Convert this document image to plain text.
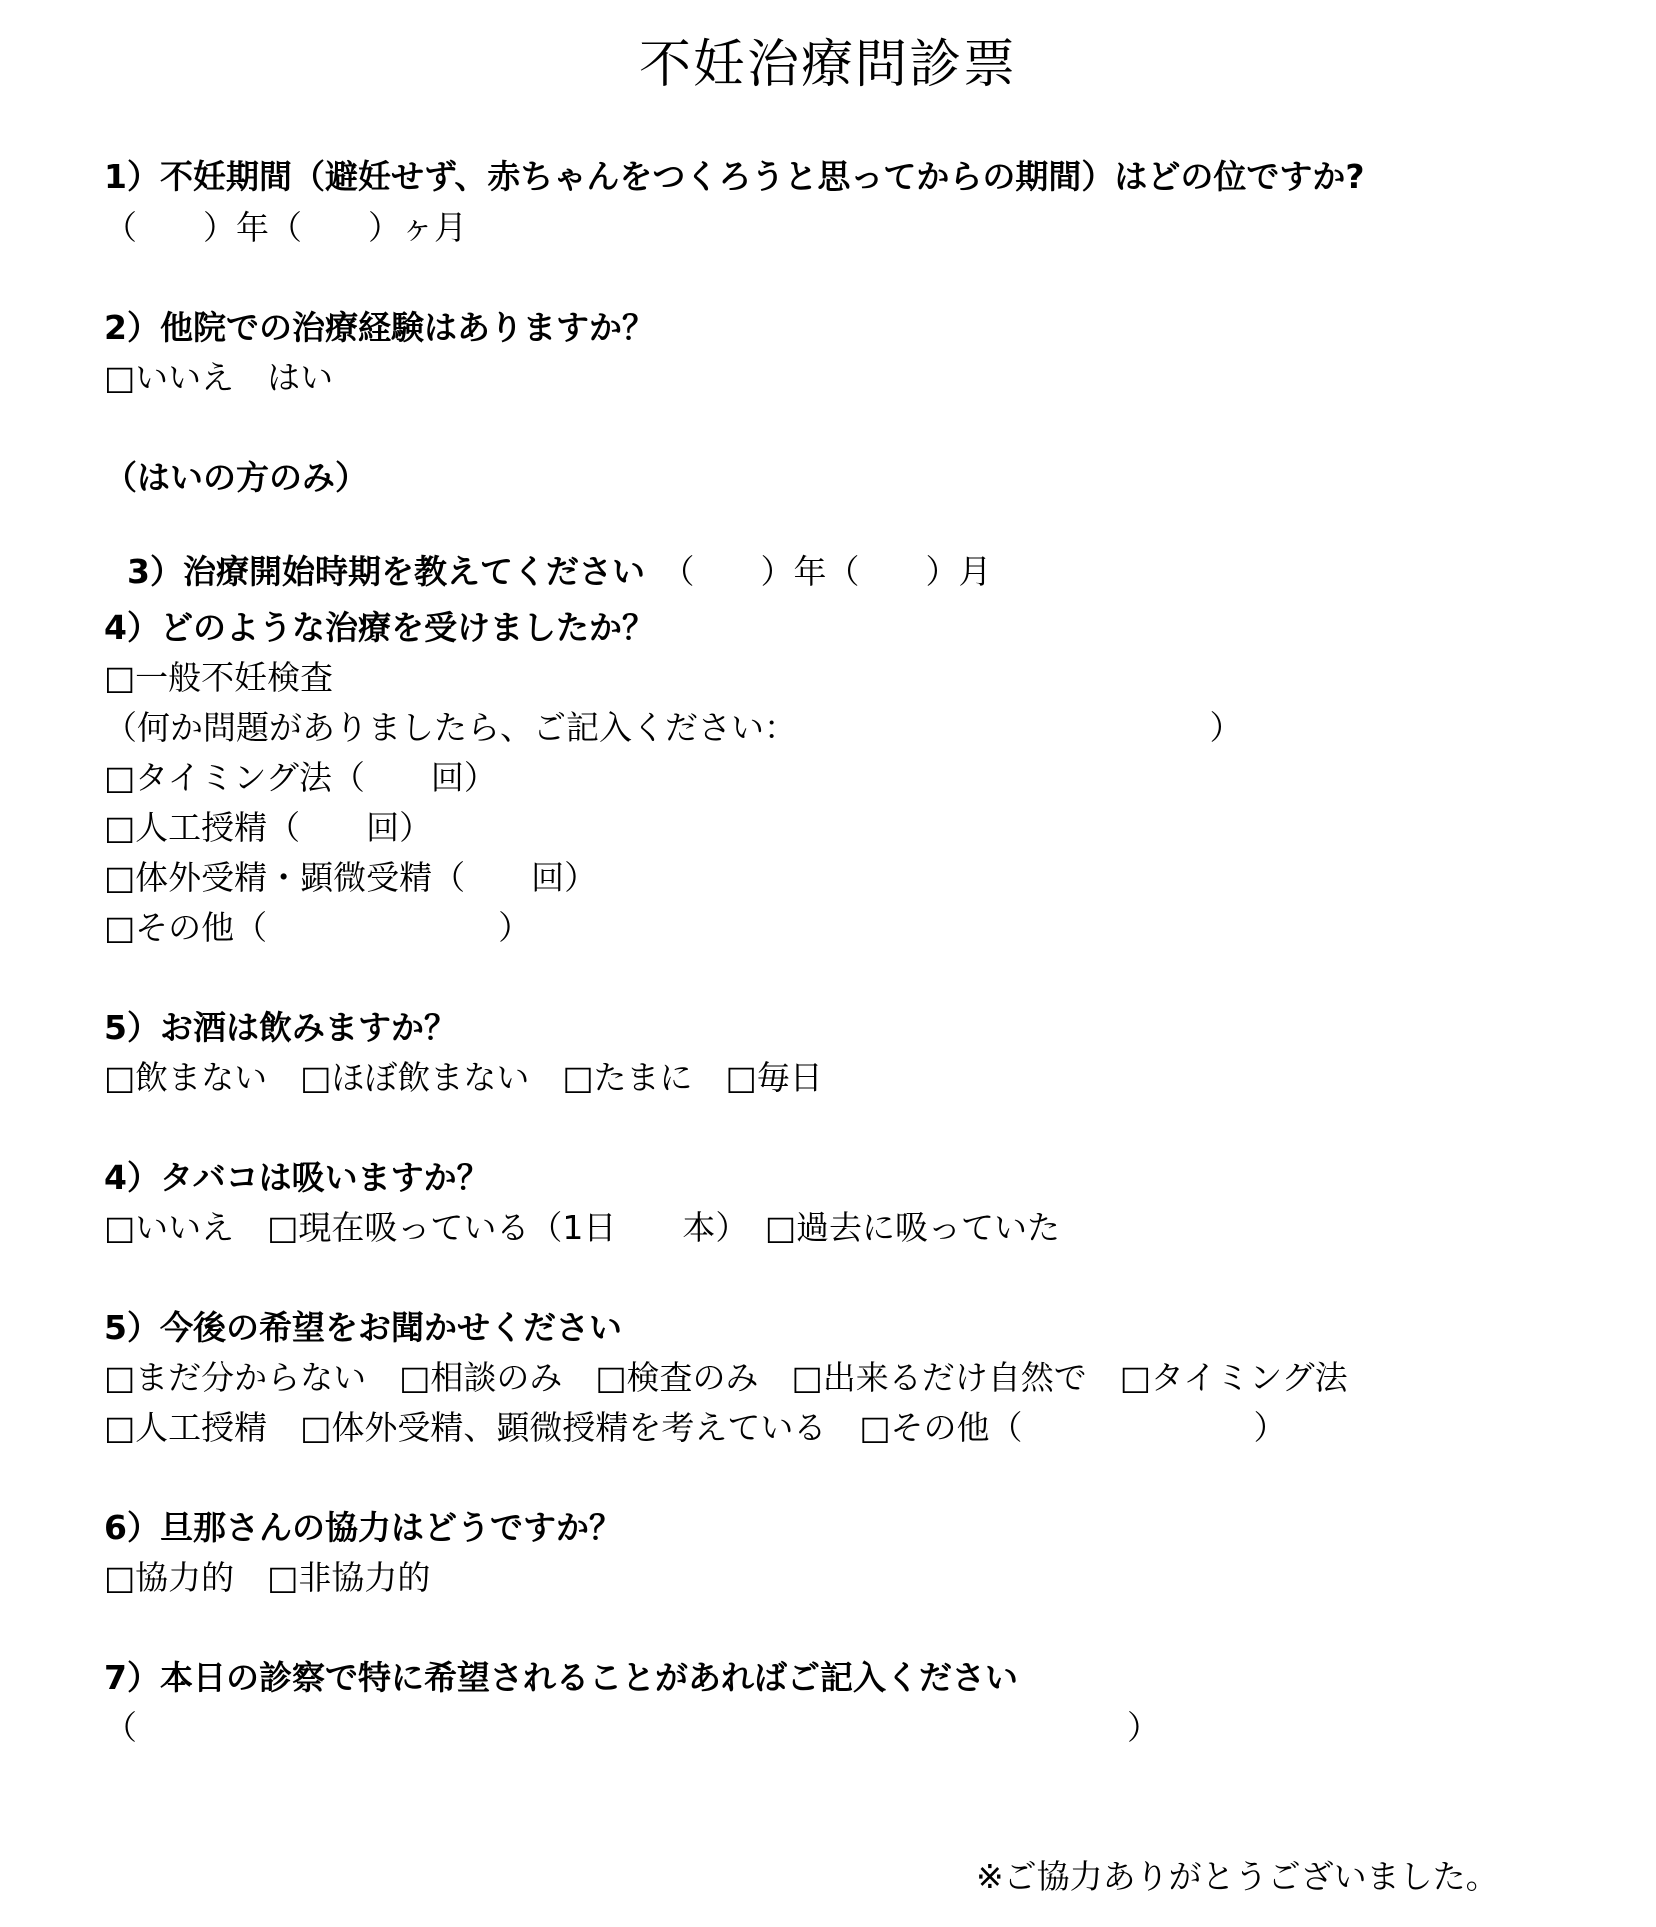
不妊治療問診票
1）不妊期間（避妊せず、赤ちゃんをつくろうと思ってからの期間）はどの位ですか?
（　　）年（　　）ヶ月
2）他院での治療経験はありますか？
□いいえ　はい
（はいの方のみ）

3）治療開始時期を教えてください　（　　）年（　　）月

4）どのような治療を受けましたか？
□一般不妊検査
（何か問題がありましたら、ご記入ください：　　　　　　　　　　　　　）
□タイミング法（　　回）
□人工授精（　　回）
□体外受精・顕微受精（　　回）
□その他（　　　　　　　）
5）お酒は飲みますか？
□飲まない　□ほぼ飲まない　□たまに　□毎日
4）タバコは吸いますか？
□いいえ　□現在吸っている（1日　　本）　□過去に吸っていた
5）今後の希望をお聞かせください
□まだ分からない　□相談のみ　□検査のみ　□出来るだけ自然で　□タイミング法
□人工授精　□体外受精、顕微授精を考えている　□その他（　　　　　　　）
6）旦那さんの協力はどうですか？
□協力的　□非協力的
7）本日の診察で特に希望されることがあればご記入ください
（　　　　　　　　　　　　　　　　　　　　　　　　　　　　　　）
※ご協力ありがとうございました。
